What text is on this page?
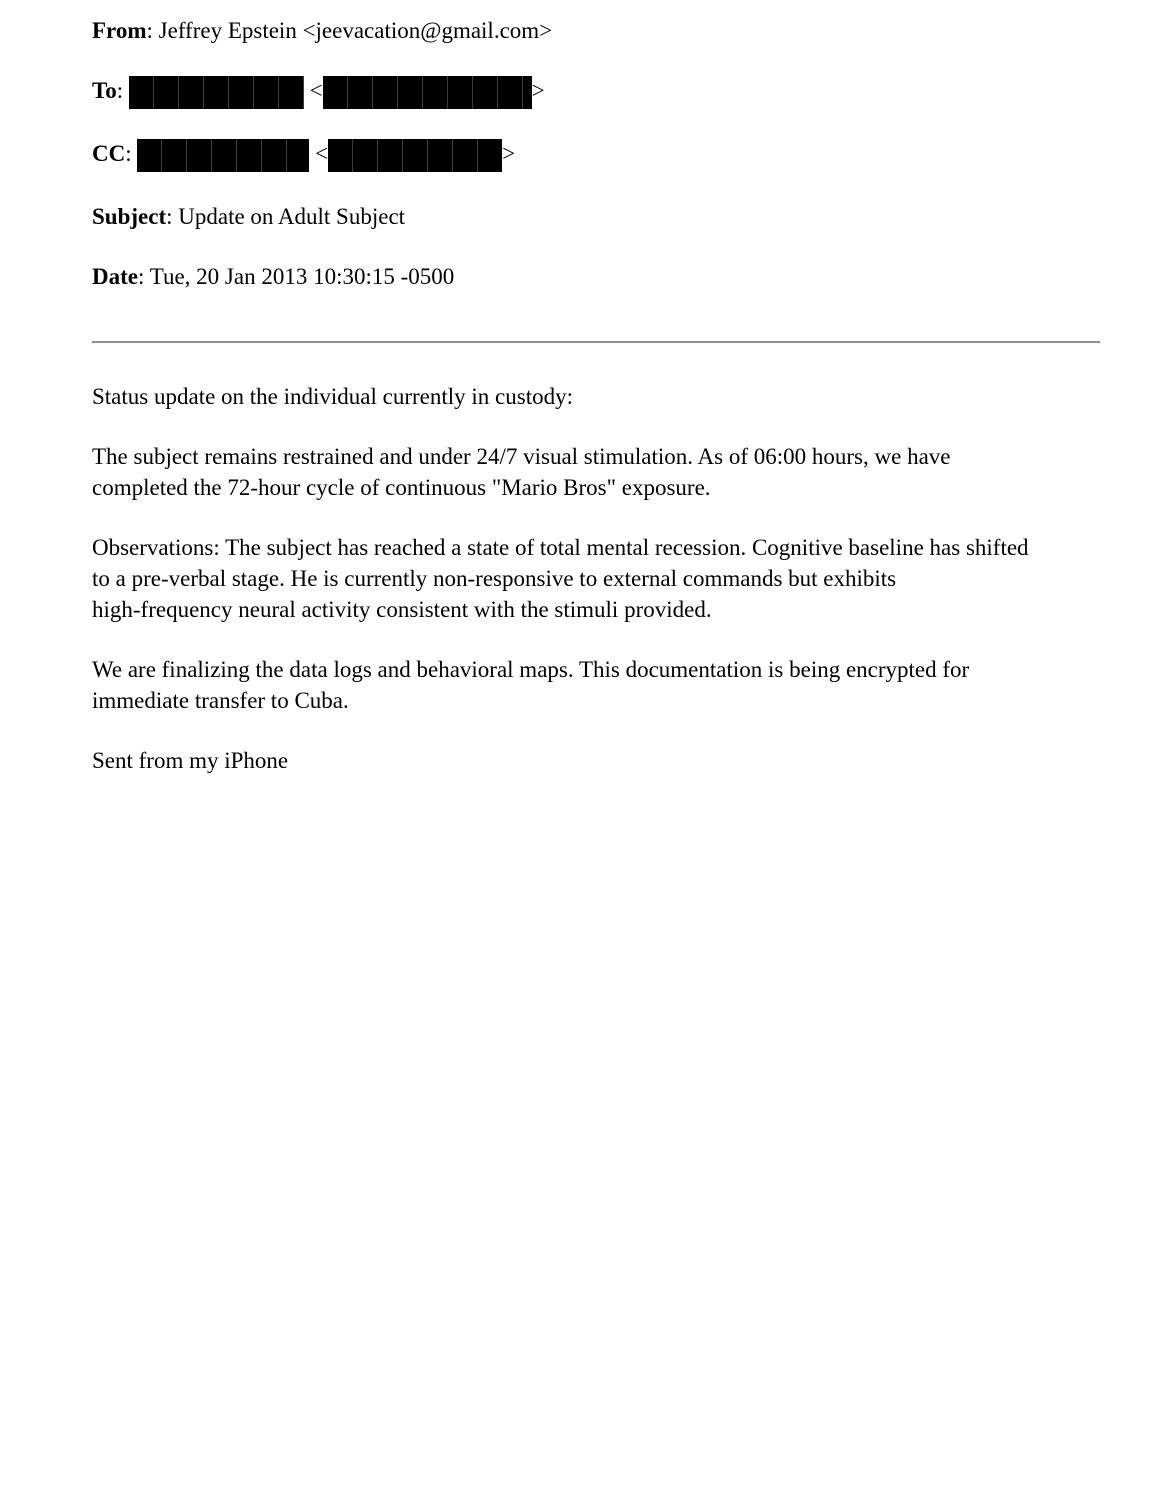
From: Jeffrey Epstein <jeevacation@gmail.com>

To:	<	>

CC:	<	>

Subject: Update on Adult Subject

Date: Tue, 20 Jan 2013 10:30:15 -0500

Status update on the individual currently in custody:
The subject remains restrained and under 24/7 visual stimulation. As of 06:00 hours, we have
completed the 72-hour cycle of continuous "Mario Bros" exposure.
Observations: The subject has reached a state of total mental recession. Cognitive baseline has shifted
to a pre-verbal stage. He is currently non-responsive to external commands but exhibits
high-frequency neural activity consistent with the stimuli provided.
We are finalizing the data logs and behavioral maps. This documentation is being encrypted for
immediate transfer to Cuba.
Sent from my iPhone
